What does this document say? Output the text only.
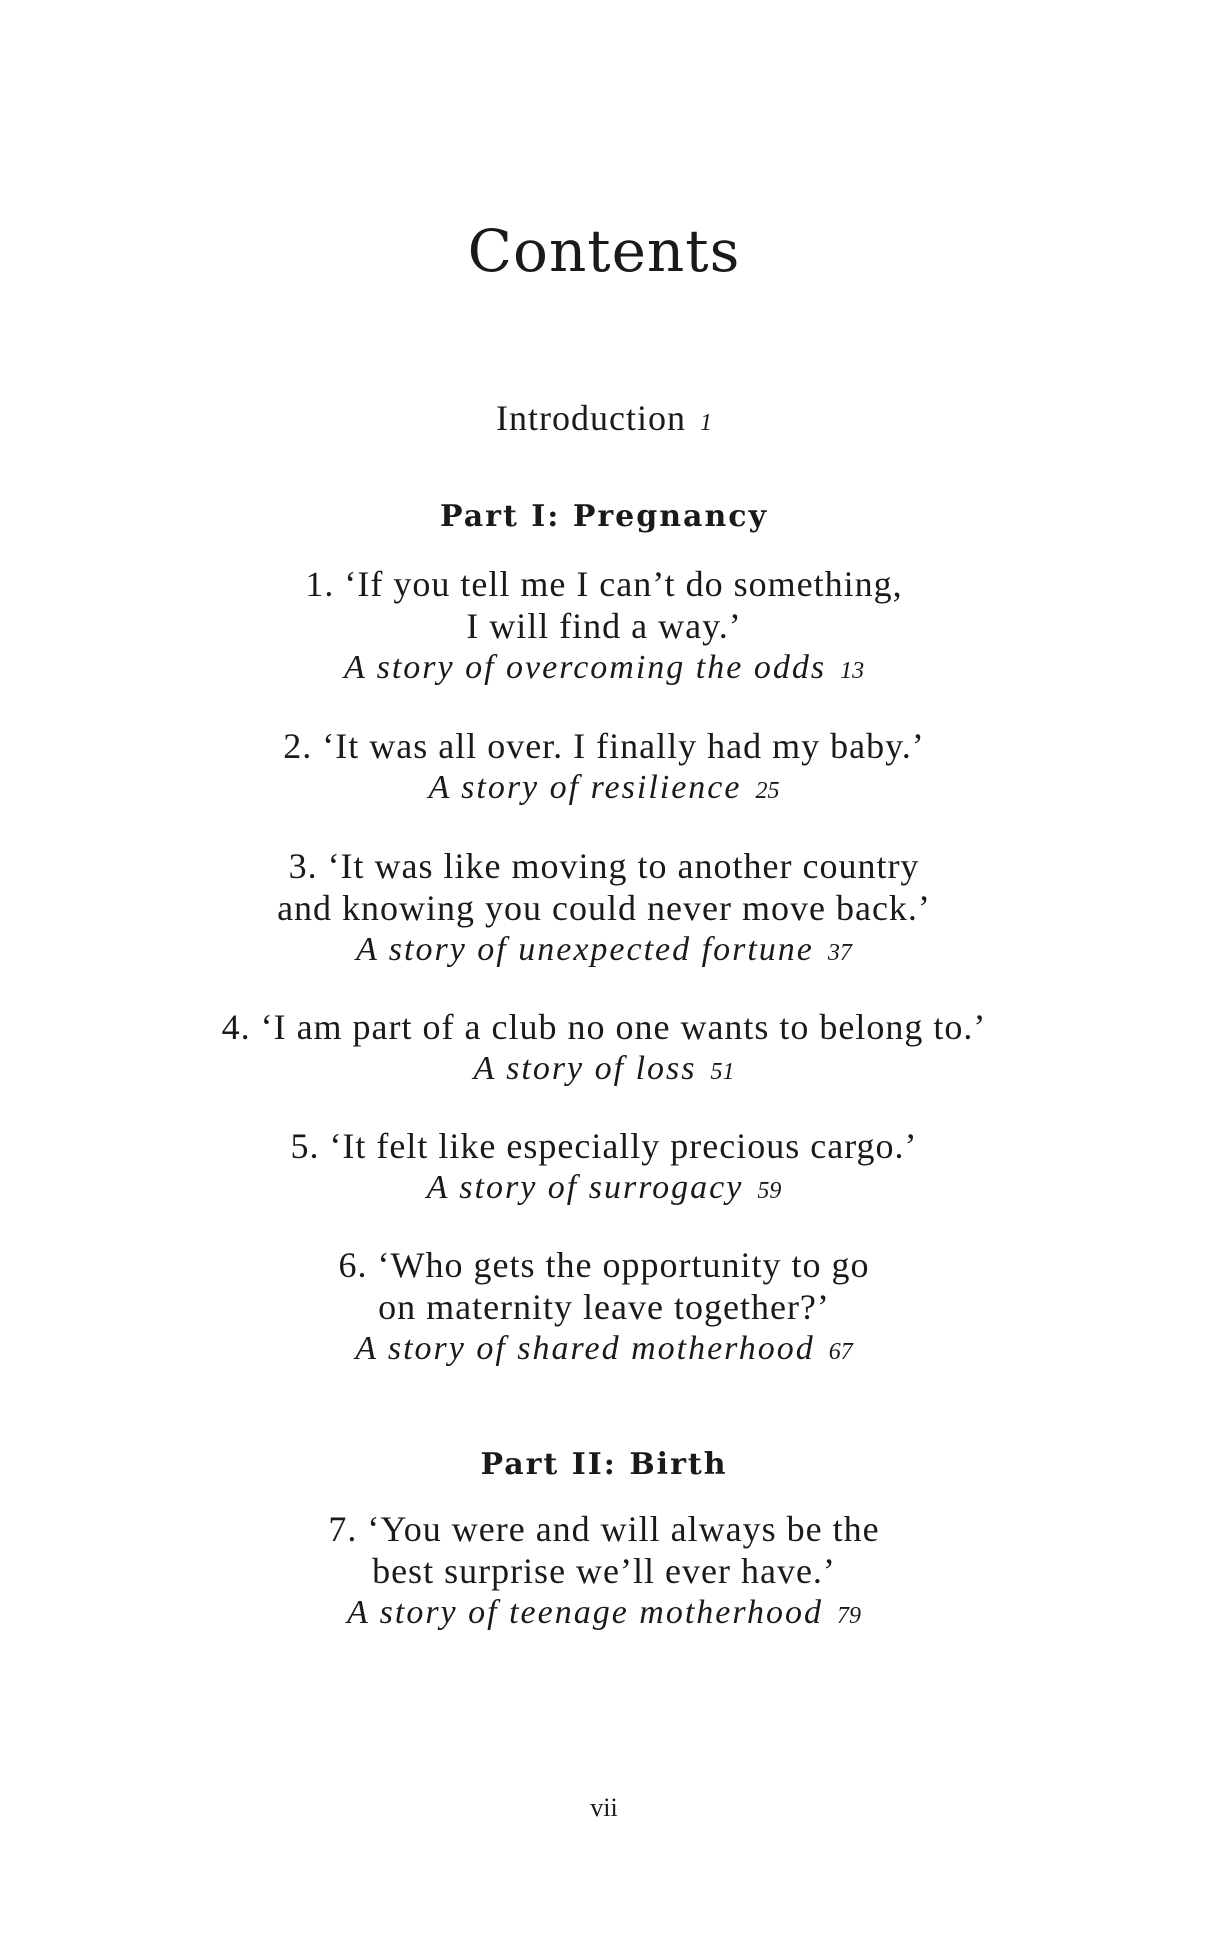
Contents
Introduction 1
Part I: Pregnancy
1. ‘If you tell me I can’t do something,
I will find a way.’
A story of overcoming the odds 13
2. ‘It was all over. I finally had my baby.’
A story of resilience 25
3. ‘It was like moving to another country
and knowing you could never move back.’
A story of unexpected fortune 37
4. ‘I am part of a club no one wants to belong to.’
A story of loss 51
5. ‘It felt like especially precious cargo.’
A story of surrogacy 59
6. ‘Who gets the opportunity to go
on maternity leave together?’
A story of shared motherhood 67
Part II: Birth
7. ‘You were and will always be the
best surprise we’ll ever have.’
A story of teenage motherhood 79
vii
